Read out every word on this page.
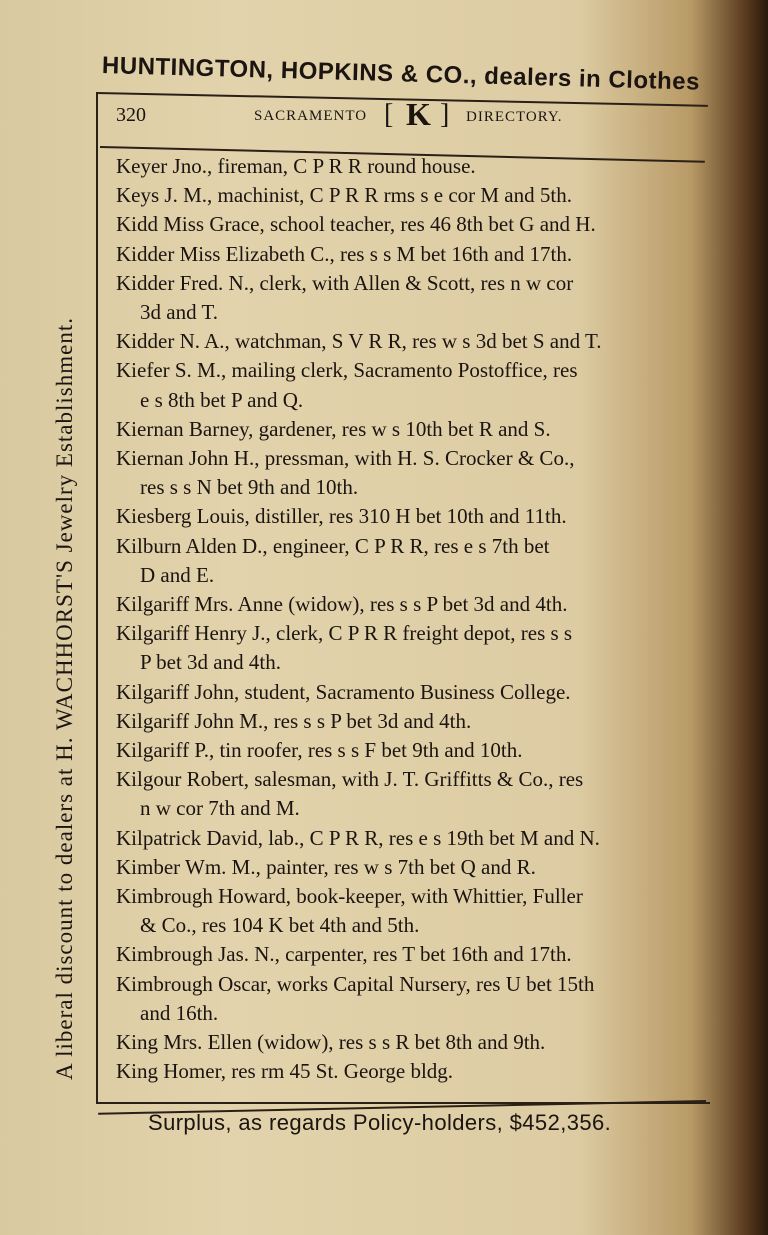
HUNTINGTON, HOPKINS & CO., dealers in Clothes
A liberal discount to dealers at H. WACHHORST'S Jewelry Establishment.
320	SACRAMENTO [ K ] DIRECTORY.
Keyer Jno., fireman, C P R R round house.
Keys J. M., machinist, C P R R rms s e cor M and 5th.
Kidd Miss Grace, school teacher, res 46 8th bet G and H.
Kidder Miss Elizabeth C., res s s M bet 16th and 17th.
Kidder Fred. N., clerk, with Allen & Scott, res n w cor
3d and T.
Kidder N. A., watchman, S V R R, res w s 3d bet S and T.
Kiefer S. M., mailing clerk, Sacramento Postoffice, res
e s 8th bet P and Q.
Kiernan Barney, gardener, res w s 10th bet R and S.
Kiernan John H., pressman, with H. S. Crocker & Co.,
res s s N bet 9th and 10th.
Kiesberg Louis, distiller, res 310 H bet 10th and 11th.
Kilburn Alden D., engineer, C P R R, res e s 7th bet
D and E.
Kilgariff Mrs. Anne (widow), res s s P bet 3d and 4th.
Kilgariff Henry J., clerk, C P R R freight depot, res s s
P bet 3d and 4th.
Kilgariff John, student, Sacramento Business College.
Kilgariff John M., res s s P bet 3d and 4th.
Kilgariff P., tin roofer, res s s F bet 9th and 10th.
Kilgour Robert, salesman, with J. T. Griffitts & Co., res
n w cor 7th and M.
Kilpatrick David, lab., C P R R, res e s 19th bet M and N.
Kimber Wm. M., painter, res w s 7th bet Q and R.
Kimbrough Howard, book-keeper, with Whittier, Fuller
& Co., res 104 K bet 4th and 5th.
Kimbrough Jas. N., carpenter, res T bet 16th and 17th.
Kimbrough Oscar, works Capital Nursery, res U bet 15th
and 16th.
King Mrs. Ellen (widow), res s s R bet 8th and 9th.
King Homer, res rm 45 St. George bldg.
Surplus, as regards Policy-holders, $452,356.
